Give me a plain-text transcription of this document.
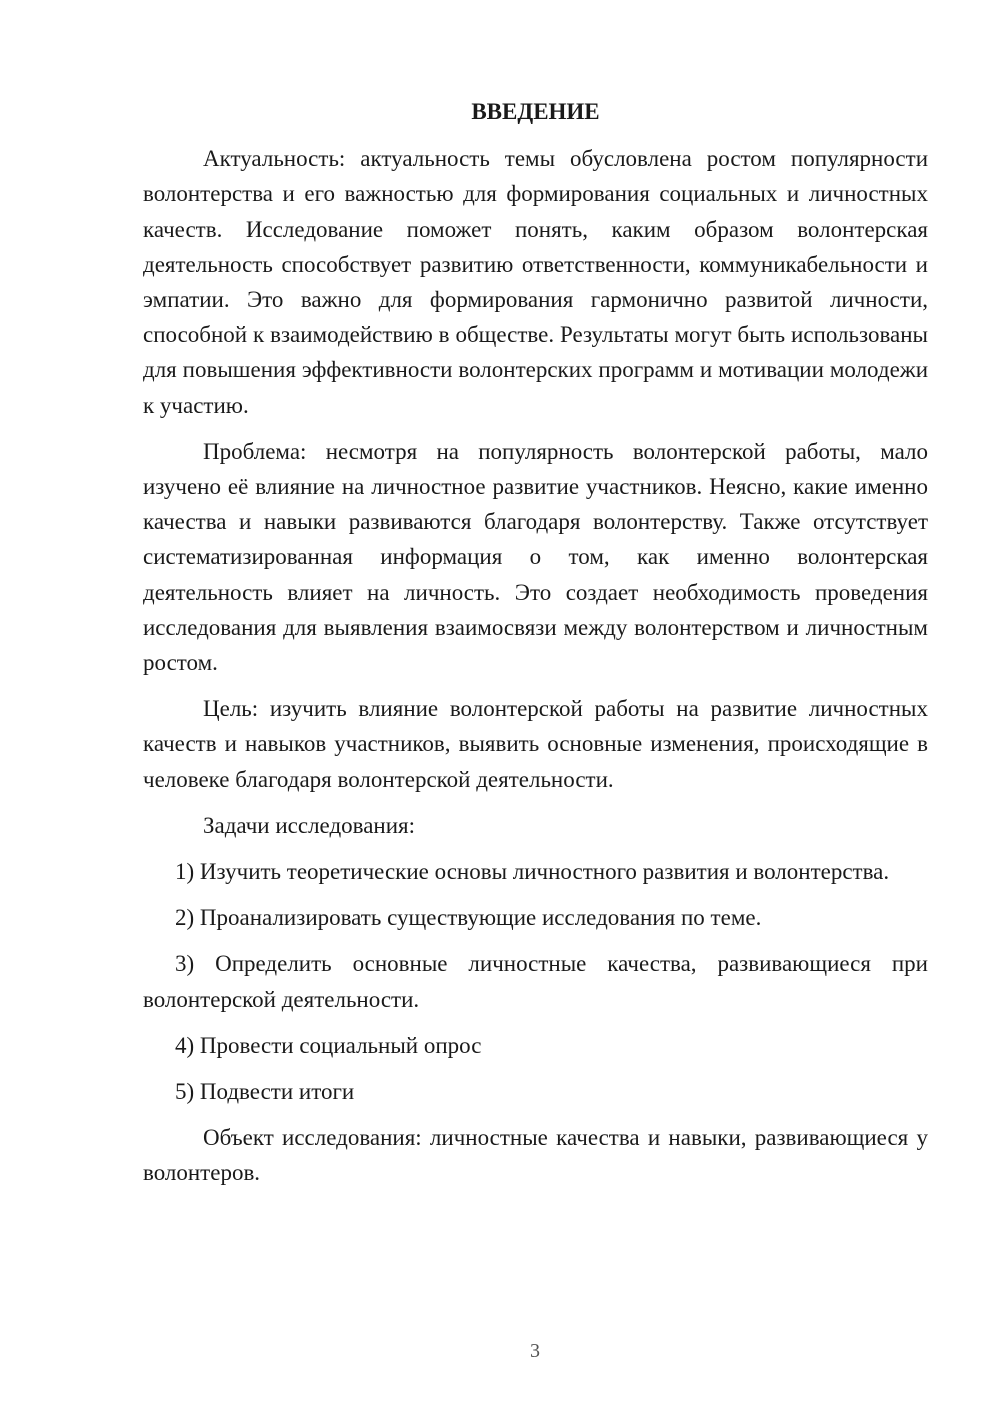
ВВЕДЕНИЕ

Актуальность: актуальность темы обусловлена ростом популярности волонтерства и его важностью для формирования социальных и личностных качеств. Исследование поможет понять, каким образом волонтерская деятельность способствует развитию ответственности, коммуникабельности и эмпатии. Это важно для формирования гармонично развитой личности, способной к взаимодействию в обществе. Результаты могут быть использованы для повышения эффективности волонтерских программ и мотивации молодежи к участию.

Проблема: несмотря на популярность волонтерской работы, мало изучено её влияние на личностное развитие участников. Неясно, какие именно качества и навыки развиваются благодаря волонтерству. Также отсутствует систематизированная информация о том, как именно волонтерская деятельность влияет на личность. Это создает необходимость проведения исследования для выявления взаимосвязи между волонтерством и личностным ростом.

Цель: изучить влияние волонтерской работы на развитие личностных качеств и навыков участников, выявить основные изменения, происходящие в человеке благодаря волонтерской деятельности.

Задачи исследования:

1) Изучить теоретические основы личностного развития и волонтерства.

2) Проанализировать существующие исследования по теме.

3) Определить основные личностные качества, развивающиеся при волонтерской деятельности.

4) Провести социальный опрос

5) Подвести итоги

Объект исследования: личностные качества и навыки, развивающиеся у волонтеров.

3
